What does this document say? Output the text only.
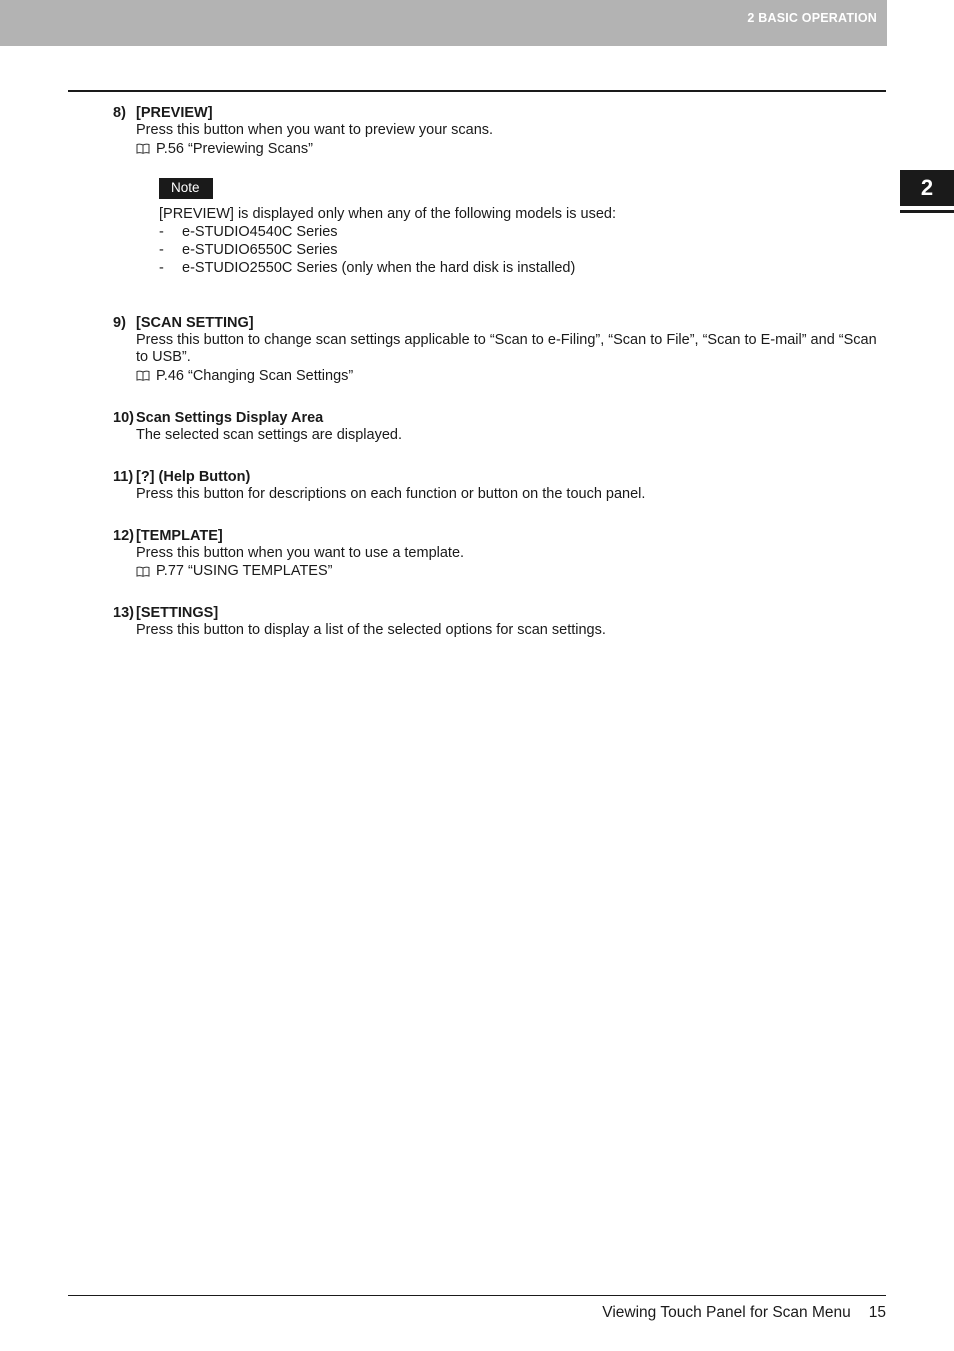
2 BASIC OPERATION
2
8) [PREVIEW]
Press this button when you want to preview your scans.
P.56 “Previewing Scans”
Note
[PREVIEW] is displayed only when any of the following models is used:
-	e-STUDIO4540C Series
-	e-STUDIO6550C Series
-	e-STUDIO2550C Series (only when the hard disk is installed)
9) [SCAN SETTING]
Press this button to change scan settings applicable to “Scan to e-Filing”, “Scan to File”, “Scan to E-mail” and “Scan to USB”.
P.46 “Changing Scan Settings”
10) Scan Settings Display Area
The selected scan settings are displayed.
11) [?] (Help Button)
Press this button for descriptions on each function or button on the touch panel.
12) [TEMPLATE]
Press this button when you want to use a template.
P.77 “USING TEMPLATES”
13) [SETTINGS]
Press this button to display a list of the selected options for scan settings.
Viewing Touch Panel for Scan Menu 15
